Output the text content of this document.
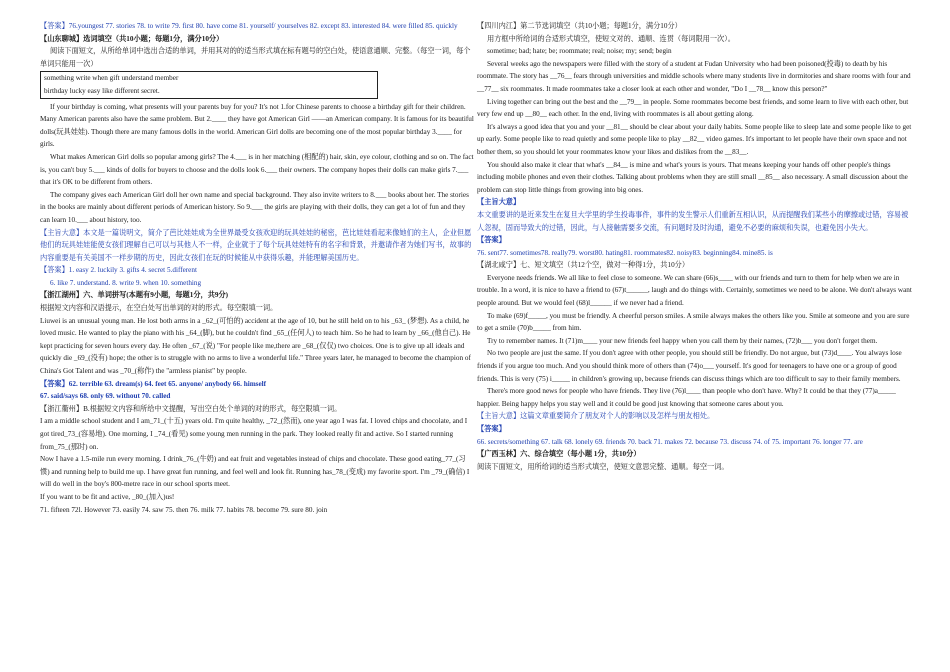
【答案】76.youngest 77. stories 78. to write 79. first 80. have come 81. yourself/ yourselves 82. except 83. interested 84. were filled 85. quickly

【山东聊城】选词填空（共10小题；每题1分，满分10分）

阅读下面短文，从所给单词中选出合适的单词，并用其对的的适当形式填在标有题号的空白处，使语意通顺、完整。（每空一词，每个单词只能用一次）

something write when gift understand member
birthday lucky easy like different secret.

If your birthday is coming, what presents will your parents buy for you? It's not 1.for Chinese parents to choose a birthday gift for their children. Many American parents also have the same problem. But 2.____ they have got American Girl ——an American company. It is famous for its beautiful dolls(玩具娃娃). Though there are many famous dolls in the world. American Girl dolls are becoming one of the most popular birthday 3.____ for girls.

What makes American Girl dolls so popular among girls? The 4.___ is in her matching (相配的) hair, skin, eye colour, clothing and so on. The fact is, you can't buy 5.___ kinds of dolls for buyers to choose and the dolls look 6.___ their owners. The company hopes their dolls can make girls 7.___ that it's OK to be different from others.

The company gives each American Girl doll her own name and special background. They also invite writers to 8.___ books about her. The stories in the books are mainly about different periods of American history. So 9.___ the girls are playing with their dolls, they can get a lot of fun and they can learn 10.___ about history, too.

【主旨大意】本文是一篇说明文，简介了芭比娃娃成为全世界最受女孩欢迎的玩具娃娃的秘密，芭比娃娃看起来像她们的主人，企业但愿他们的玩具娃娃能使女孩们理解自己可以与其他人不一样，企业就于了每个玩具娃娃特有的名字和背景，并邀请作者为她们写书，故事的内容重要是有关美国不一样步期的历史，因此女孩们在玩的时候能从中获得乐趣，并能理解美国历史。

【答案】1. easy 2. luckily 3. gifts 4. secret 5.different

6. like 7. understand. 8. write 9. when 10. something

【浙江湖州】六、单词拼写(本题有9小题，每题1分，共9分)

根据短文内容和汉语提示，在空白处写出单词的对的形式。每空限填一词。

Liuwei is an unusual young man. He lost both arms in a _62_(可怕的) accident at the age of 10, but he still held on to his _63_ (梦想). As a child, he loved music. He wanted to play the piano with his _64_(脚), but he couldn't find _65_(任何人) to teach him. So he had to learn by _66_(他自己). He kept practicing for seven hours every day. He often _67_(说) "For people like me,there are _68_(仅仅) two choices. One is to give up all ideals and quickly die _69_(没有) hope; the other is to struggle with no arms to live a wonderful life." Three years later, he managed to become the champion of China's Got Talent and was _70_(称作) the "armless pianist" by people.

【答案】62. terrible 63. dream(s) 64. feet 65. anyone/ anybody 66. himself

67. said/says 68. only 69. without 70. called

【浙江衢州】B.根据短文内容和所给中文提醒，写出空白处个单词的对的形式，每空限填一词。

I am a middle school student and I am_71_(十五) years old. I'm quite healthy, _72_(然而), one year ago I was fat. I loved chips and chocolate, and I got tired_73_(容易地). One morning, I _74_(看见) some young men running in the park. They looked really fit and active. So I started running from_75_(那时) on.

Now I have a 1.5-mile run every morning. I drink_76_(牛奶) and eat fruit and vegetables instead of chips and chocolate. These good eating_77_(习惯) and running help to build me up. I have great fun running, and feel well and look fit. Running has_78_(变成) my favorite sport. I'm _79_(确信) I will do well in the boy's 800-metre race in our school sports meet.

If you want to be fit and active, _80_(加入)us!

71. fifteen 72l. However 73. easily 74. saw 75. then 76. milk 77. habits 78. become 79. sure 80. join

【四川内江】第二节选词填空（共10小题；每题1分，满分10分）

用方框中所给词的合适形式填空，使短文对的、通顺、连贯（每词限用一次）。

sometime; bad; hate; be; roommate; real; noise; my; send; begin

Several weeks ago the newspapers were filled with the story of a student at Fudan University who had been poisoned(投毒) to death by his roommate. The story has __76__ fears through universities and middle schools where many students live in dormitories and share rooms with four and __77__ six roommates. It made roommates take a closer look at each other and wonder, "Do I __78__ know this person?"

Living together can bring out the best and the __79__ in people. Some roommates become best friends, and some learn to live with each other, but very few end up __80__ each other. In the end, living with roommates is all about getting along.

It's always a good idea that you and your __81__ should be clear about your daily habits. Some people like to sleep late and some people like to get up early. Some people like to read quietly and some people like to play __82__ video games. It's important to let people have their own space and not bother them, so you should let your roommates know your likes and dislikes from the __83__.

You should also make it clear that what's __84__ is mine and what's yours is yours. That means keeping your hands off other people's things including mobile phones and even their clothes. Talking about problems when they are still small __85__ also necessary. A small discussion about the problem can stop little things from growing into big ones.

【主旨大意】

本文重要讲的是近来发生在复旦大学里的学生投毒事件，事件的发生警示人们重新互相认识，从而提醒我们某些小的摩擦或过错，容易被人忽视，固而导致大的过错，因此，与人接触需要多交流，有问题时及时沟通，避免不必要的麻烦和失误，也避免因小失大。

【答案】

76. sent77. sometimes78. really79. worst80. hating81. roommates82. noisy83. beginning84. mine85. is

【湖北咸宁】七、短文填空（共12个空，做对一种得1分，共10分）

Everyone needs friends. We all like to feel close to someone. We can share (66)s____ with our friends and turn to them for help when we are in trouble. In a word, it is nice to have a friend to (67)t______, laugh and do things with. Certainly, sometimes we need to be alone. We don't always want people around. But we would feel (68)l______ if we never had a friend.

To make (69)f_____, you must be friendly. A cheerful person smiles. A smile always makes the others like you. Smile at someone and you are sure to get a smile (70)b_____ from him.

Try to remember names. It (71)m____ your new friends feel happy when you call them by their names, (72)b___ you don't forget them.

No two people are just the same. If you don't agree with other people, you should still be friendly. Do not argue, but (73)d____. You always lose friends if you argue too much. And you should think more of others than (74)o___ yourself. It's good for teenagers to have one or a group of good friends. This is very (75) i_____ in children's growing up, because friends can discuss things which are too difficult to say to their family members.

There's more good news for people who have friends. They live (76)l____ than people who don't have. Why? It could be that they (77)a_____ happier. Being happy helps you stay well and it could be good just knowing that someone cares about you.

【主旨大意】这篇文章重要简介了朋友对个人的影响以及怎样与朋友相处。

【答案】

66. secrets/something 67. talk 68. lonely 69. friends 70. back 71. makes 72. because 73. discuss 74. of 75. important 76. longer 77. are

【广西玉林】六、综合填空（每小题 1分，共10分）

阅读下面短文，用所给词的适当形式填空，使短文意思完整、通顺。每空一词。
